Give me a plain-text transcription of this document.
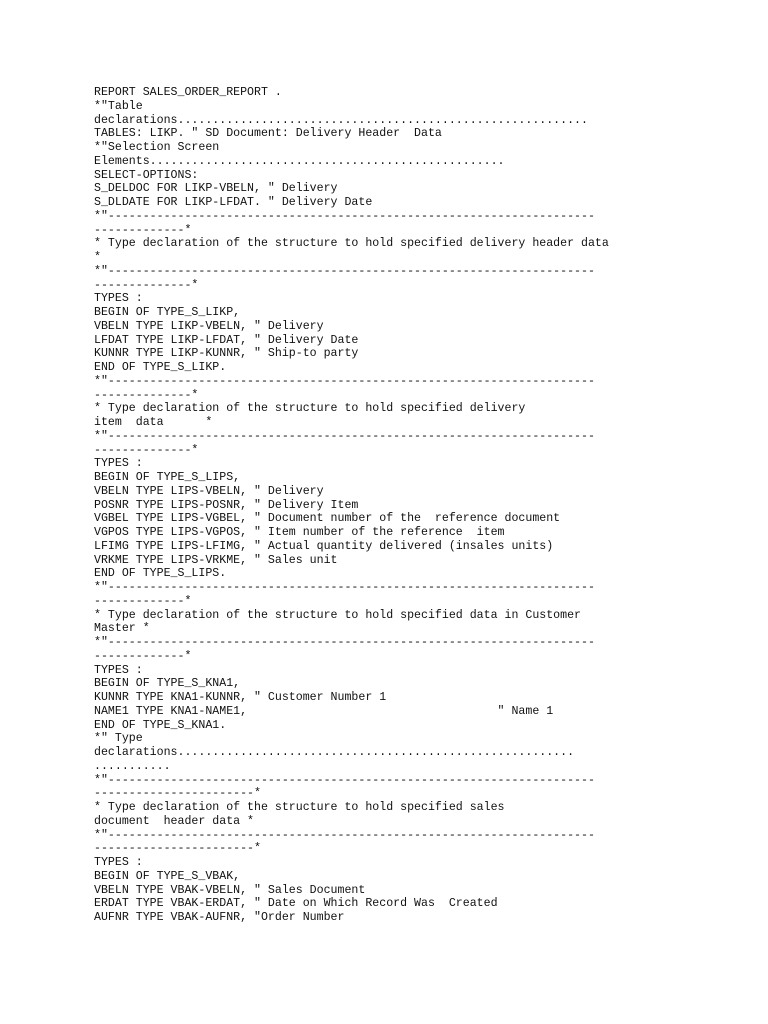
REPORT SALES_ORDER_REPORT .
*"Table
declarations...........................................................
TABLES: LIKP. " SD Document: Delivery Header  Data
*"Selection Screen
Elements...................................................
SELECT-OPTIONS:
S_DELDOC FOR LIKP-VBELN, " Delivery
S_DLDATE FOR LIKP-LFDAT. " Delivery Date
*"----------------------------------------------------------------------
-------------*
* Type declaration of the structure to hold specified delivery header data
*
*"----------------------------------------------------------------------
--------------*
TYPES :
BEGIN OF TYPE_S_LIKP,
VBELN TYPE LIKP-VBELN, " Delivery
LFDAT TYPE LIKP-LFDAT, " Delivery Date
KUNNR TYPE LIKP-KUNNR, " Ship-to party
END OF TYPE_S_LIKP.
*"----------------------------------------------------------------------
--------------*
* Type declaration of the structure to hold specified delivery
item  data      *
*"----------------------------------------------------------------------
--------------*
TYPES :
BEGIN OF TYPE_S_LIPS,
VBELN TYPE LIPS-VBELN, " Delivery
POSNR TYPE LIPS-POSNR, " Delivery Item
VGBEL TYPE LIPS-VGBEL, " Document number of the  reference document
VGPOS TYPE LIPS-VGPOS, " Item number of the reference  item
LFIMG TYPE LIPS-LFIMG, " Actual quantity delivered (insales units)
VRKME TYPE LIPS-VRKME, " Sales unit
END OF TYPE_S_LIPS.
*"----------------------------------------------------------------------
-------------*
* Type declaration of the structure to hold specified data in Customer
Master *
*"----------------------------------------------------------------------
-------------*
TYPES :
BEGIN OF TYPE_S_KNA1,
KUNNR TYPE KNA1-KUNNR, " Customer Number 1
NAME1 TYPE KNA1-NAME1,                                    " Name 1
END OF TYPE_S_KNA1.
*" Type
declarations.........................................................
...........
*"----------------------------------------------------------------------
-----------------------*
* Type declaration of the structure to hold specified sales
document  header data *
*"----------------------------------------------------------------------
-----------------------*
TYPES :
BEGIN OF TYPE_S_VBAK,
VBELN TYPE VBAK-VBELN, " Sales Document
ERDAT TYPE VBAK-ERDAT, " Date on Which Record Was  Created
AUFNR TYPE VBAK-AUFNR, "Order Number
